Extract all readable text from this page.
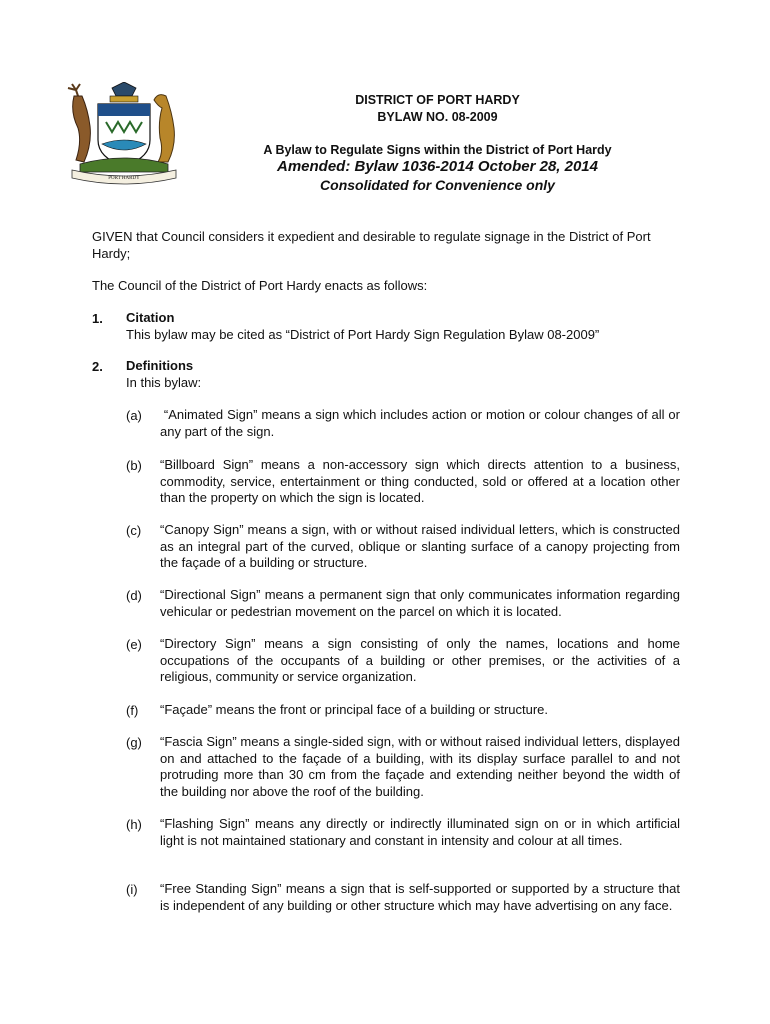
PORT HARDY
DISTRICT OF PORT HARDY
BYLAW NO. 08-2009
A Bylaw to Regulate Signs within the District of Port Hardy
Amended: Bylaw 1036-2014 October 28, 2014
Consolidated for Convenience only
GIVEN that Council considers it expedient and desirable to regulate signage in the District of Port Hardy;
The Council of the District of Port Hardy enacts as follows:
1. Citation
This bylaw may be cited as “District of Port Hardy Sign Regulation Bylaw 08-2009”
2. Definitions
In this bylaw:
(a) “Animated Sign” means a sign which includes action or motion or colour changes of all or any part of the sign.
(b) “Billboard Sign” means a non-accessory sign which directs attention to a business, commodity, service, entertainment or thing conducted, sold or offered at a location other than the property on which the sign is located.
(c) “Canopy Sign” means a sign, with or without raised individual letters, which is constructed as an integral part of the curved, oblique or slanting surface of a canopy projecting from the façade of a building or structure.
(d) “Directional Sign” means a permanent sign that only communicates information regarding vehicular or pedestrian movement on the parcel on which it is located.
(e) “Directory Sign” means a sign consisting of only the names, locations and home occupations of the occupants of a building or other premises, or the activities of a religious, community or service organization.
(f) “Façade” means the front or principal face of a building or structure.
(g) “Fascia Sign” means a single-sided sign, with or without raised individual letters, displayed on and attached to the façade of a building, with its display surface parallel to and not protruding more than 30 cm from the façade and extending neither beyond the width of the building nor above the roof of the building.
(h) “Flashing Sign” means any directly or indirectly illuminated sign on or in which artificial light is not maintained stationary and constant in intensity and colour at all times.
(i) “Free Standing Sign” means a sign that is self-supported or supported by a structure that is independent of any building or other structure which may have advertising on any face.
